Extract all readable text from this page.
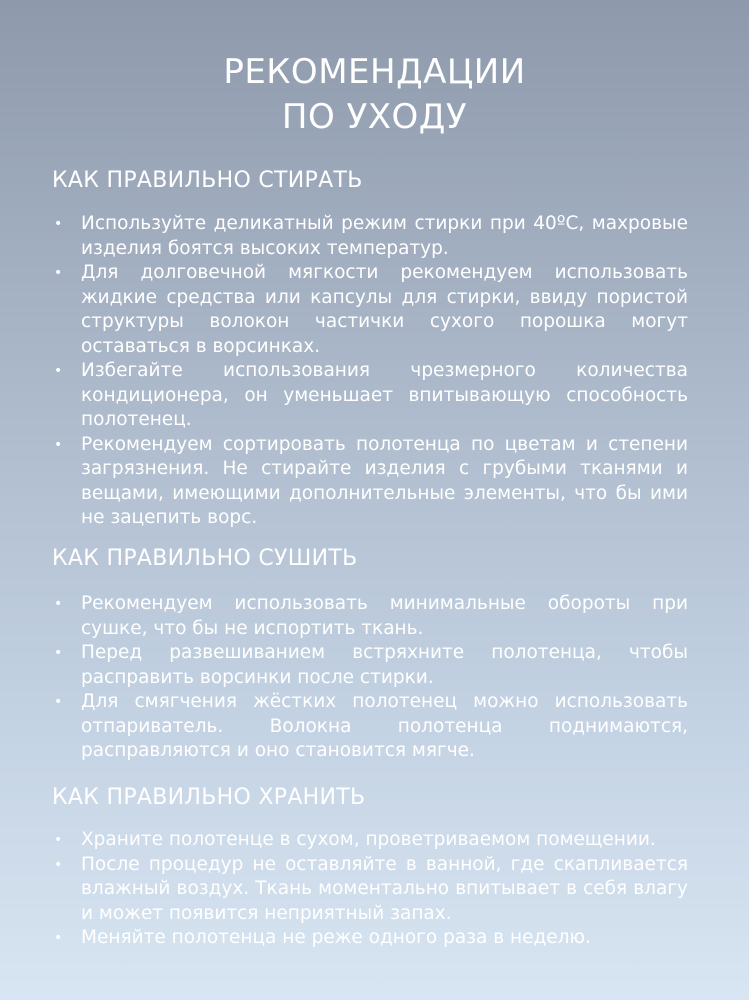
РЕКОМЕНДАЦИИ
ПО УХОДУ
КАК ПРАВИЛЬНО СТИРАТЬ
• Используйте деликатный режим стирки при 40ºC, махровые изделия боятся высоких температур.
• Для долговечной мягкости рекомендуем использовать жидкие средства или капсулы для стирки, ввиду пористой структуры волокон частички сухого порошка могут оставаться в ворсинках.
• Избегайте использования чрезмерного количества кондиционера, он уменьшает впитывающую способность полотенец.
• Рекомендуем сортировать полотенца по цветам и степени загрязнения. Не стирайте изделия с грубыми тканями и вещами, имеющими дополнительные элементы, что бы ими не зацепить ворс.
КАК ПРАВИЛЬНО СУШИТЬ
• Рекомендуем использовать минимальные обороты при сушке, что бы не испортить ткань.
• Перед развешиванием встряхните полотенца, чтобы расправить ворсинки после стирки.
• Для смягчения жёстких полотенец можно использовать отпариватель. Волокна полотенца поднимаются, расправляются и оно становится мягче.
КАК ПРАВИЛЬНО ХРАНИТЬ
• Храните полотенце в сухом, проветриваемом помещении.
• После процедур не оставляйте в ванной, где скапливается влажный воздух. Ткань моментально впитывает в себя влагу и может появится неприятный запах.
• Меняйте полотенца не реже одного раза в неделю.
